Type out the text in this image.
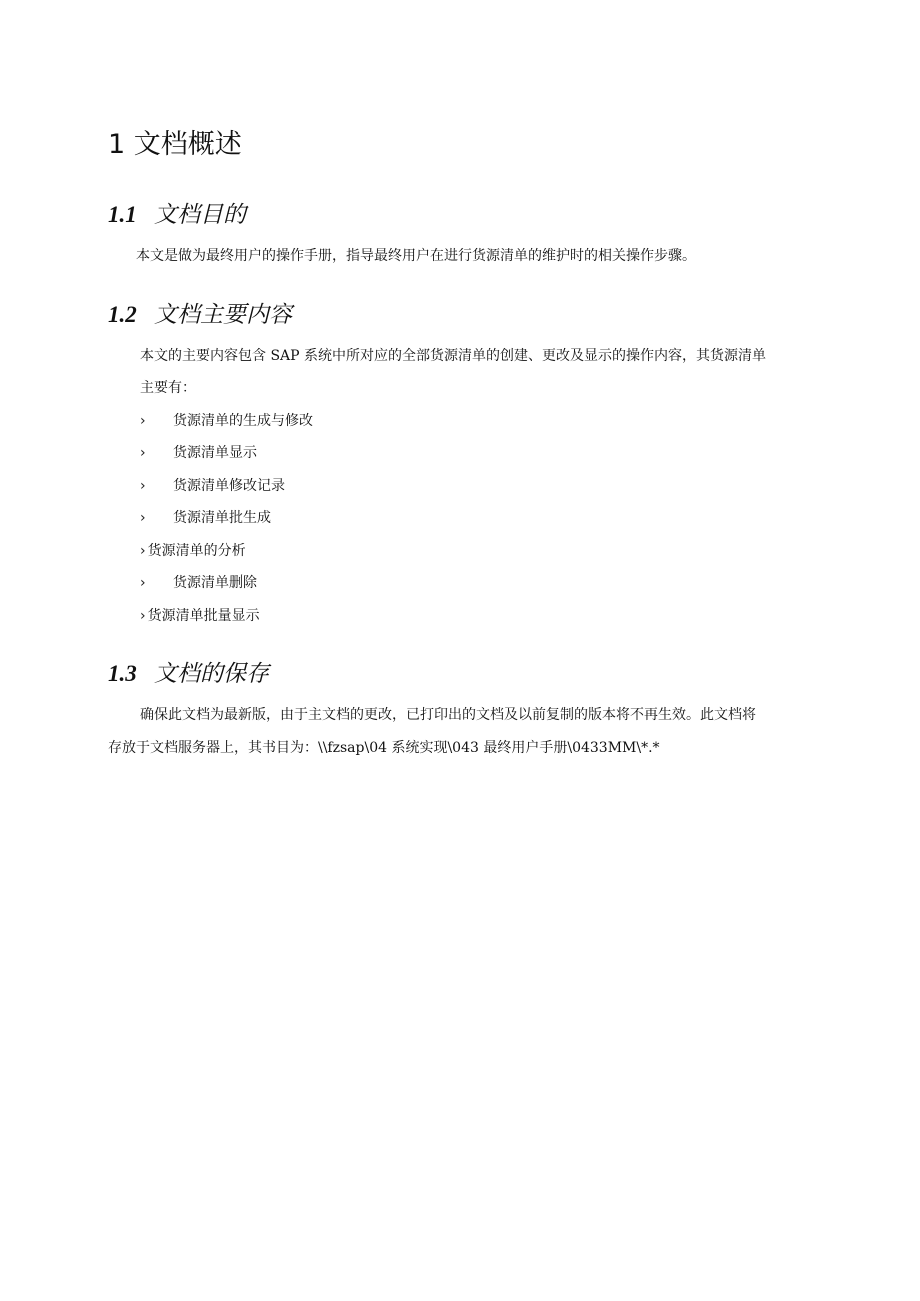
1 文档概述
1.1 文档目的

本文是做为最终用户的操作手册，指导最终用户在进行货源清单的维护时的相关操作步骤。

1.2 文档主要内容

本文的主要内容包含 SAP 系统中所对应的全部货源清单的创建、更改及显示的操作内容，其货源清单

主要有：

› 货源清单的生成与修改
› 货源清单显示
› 货源清单修改记录
› 货源清单批生成
› 货源清单的分析
› 货源清单删除
› 货源清单批量显示
1.3 文档的保存

确保此文档为最新版，由于主文档的更改，已打印出的文档及以前复制的版本将不再生效。此文档将

存放于文档服务器上，其书目为：\\fzsap\04 系统实现\043 最终用户手册\0433MM\*.*
